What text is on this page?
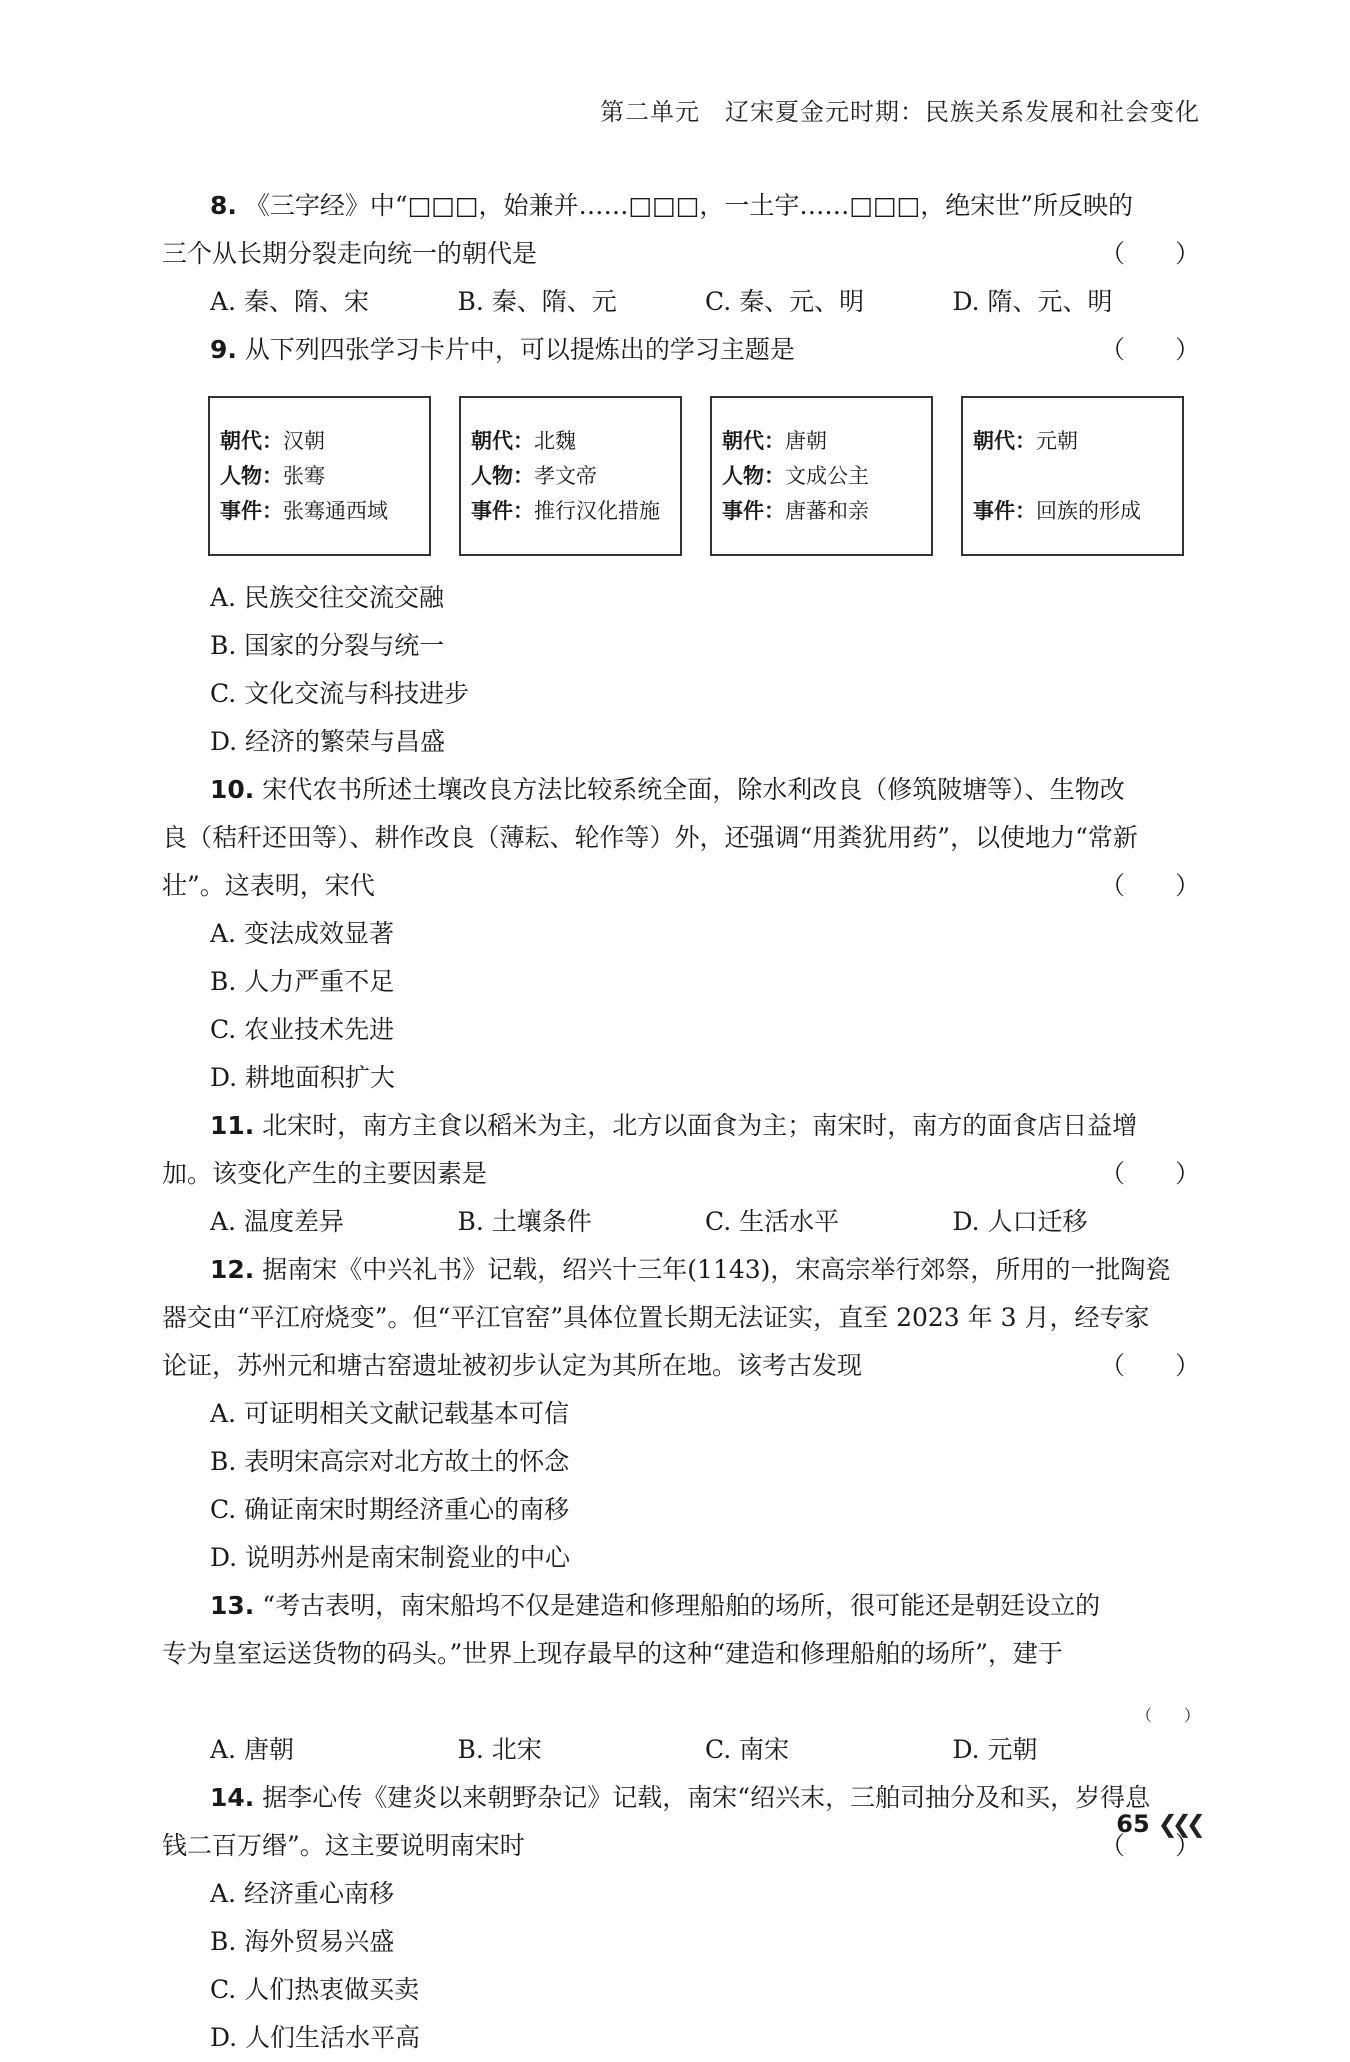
第二单元　辽宋夏金元时期：民族关系发展和社会变化
8. 《三字经》中“□□□，始兼并……□□□，一土宇……□□□，绝宋世”所反映的
三个从长期分裂走向统一的朝代是	（　　）
A. 秦、隋、宋	B. 秦、隋、元	C. 秦、元、明	D. 隋、元、明
9. 从下列四张学习卡片中，可以提炼出的学习主题是	（　　）
朝代：汉朝
人物：张骞
事件：张骞通西域
朝代：北魏
人物：孝文帝
事件：推行汉化措施
朝代：唐朝
人物：文成公主
事件：唐蕃和亲
朝代：元朝
事件：回族的形成
A. 民族交往交流交融
B. 国家的分裂与统一
C. 文化交流与科技进步
D. 经济的繁荣与昌盛
10. 宋代农书所述土壤改良方法比较系统全面，除水利改良（修筑陂塘等）、生物改
良（秸秆还田等）、耕作改良（薄耘、轮作等）外，还强调“用粪犹用药”，以使地力“常新
壮”。这表明，宋代	（　　）
A. 变法成效显著
B. 人力严重不足
C. 农业技术先进
D. 耕地面积扩大
11. 北宋时，南方主食以稻米为主，北方以面食为主；南宋时，南方的面食店日益增
加。该变化产生的主要因素是	（　　）
A. 温度差异	B. 土壤条件	C. 生活水平	D. 人口迁移
12. 据南宋《中兴礼书》记载，绍兴十三年(1143)，宋高宗举行郊祭，所用的一批陶瓷
器交由“平江府烧变”。但“平江官窑”具体位置长期无法证实，直至 2023 年 3 月，经专家
论证，苏州元和塘古窑遗址被初步认定为其所在地。该考古发现	（　　）
A. 可证明相关文献记载基本可信
B. 表明宋高宗对北方故土的怀念
C. 确证南宋时期经济重心的南移
D. 说明苏州是南宋制瓷业的中心
13. “考古表明，南宋船坞不仅是建造和修理船舶的场所，很可能还是朝廷设立的
专为皇室运送货物的码头。”世界上现存最早的这种“建造和修理船舶的场所”，建于
（　　）
A. 唐朝	B. 北宋	C. 南宋	D. 元朝
14. 据李心传《建炎以来朝野杂记》记载，南宋“绍兴末，三舶司抽分及和买，岁得息
钱二百万缗”。这主要说明南宋时	（　　）
A. 经济重心南移
B. 海外贸易兴盛
C. 人们热衷做买卖
D. 人们生活水平高
65 ❮❮❮
